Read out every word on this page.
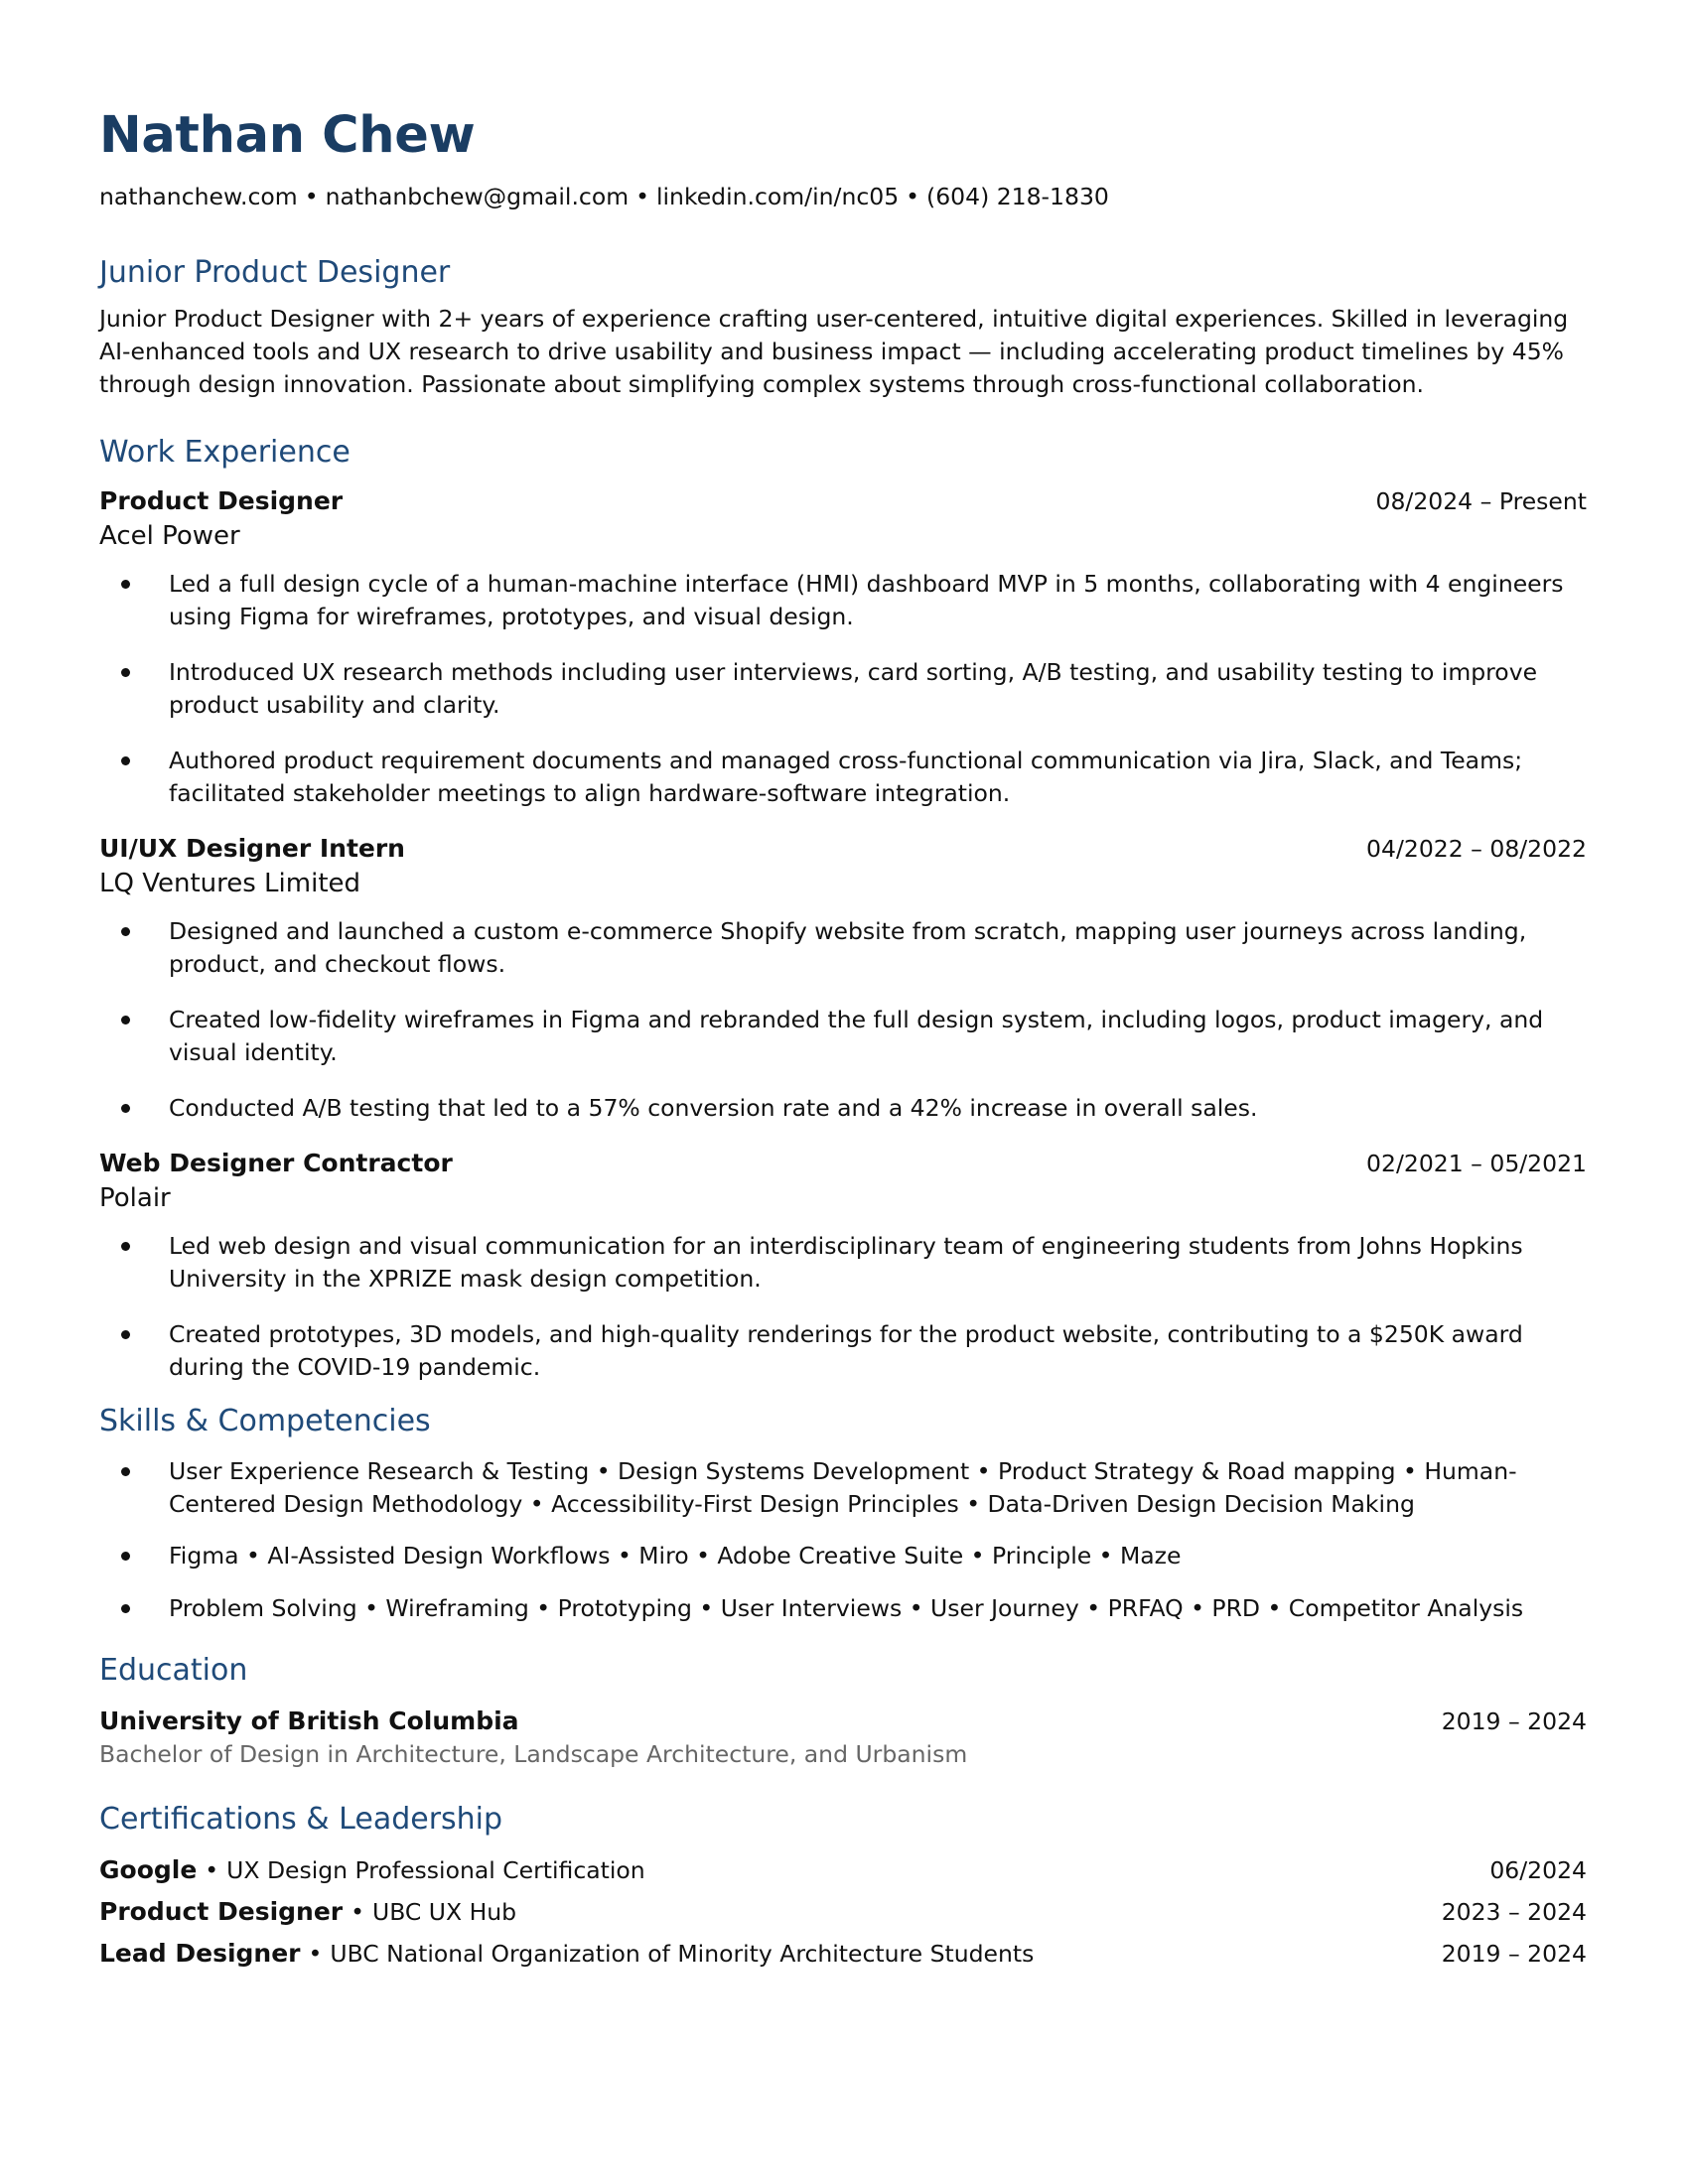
Nathan Chew
nathanchew.com • nathanbchew@gmail.com • linkedin.com/in/nc05 • (604) 218-1830
Junior Product Designer
Junior Product Designer with 2+ years of experience crafting user-centered, intuitive digital experiences. Skilled in leveraging AI-enhanced tools and UX research to drive usability and business impact — including accelerating product timelines by 45% through design innovation. Passionate about simplifying complex systems through cross-functional collaboration.
Work Experience
Product Designer	08/2024 – Present
Acel Power
Led a full design cycle of a human-machine interface (HMI) dashboard MVP in 5 months, collaborating with 4 engineers using Figma for wireframes, prototypes, and visual design.
Introduced UX research methods including user interviews, card sorting, A/B testing, and usability testing to improve product usability and clarity.
Authored product requirement documents and managed cross-functional communication via Jira, Slack, and Teams; facilitated stakeholder meetings to align hardware-software integration.
UI/UX Designer Intern	04/2022 – 08/2022
LQ Ventures Limited
Designed and launched a custom e-commerce Shopify website from scratch, mapping user journeys across landing, product, and checkout flows.
Created low-fidelity wireframes in Figma and rebranded the full design system, including logos, product imagery, and visual identity.
Conducted A/B testing that led to a 57% conversion rate and a 42% increase in overall sales.
Web Designer Contractor	02/2021 – 05/2021
Polair
Led web design and visual communication for an interdisciplinary team of engineering students from Johns Hopkins University in the XPRIZE mask design competition.
Created prototypes, 3D models, and high-quality renderings for the product website, contributing to a $250K award during the COVID-19 pandemic.
Skills & Competencies
User Experience Research & Testing • Design Systems Development • Product Strategy & Road mapping • Human-Centered Design Methodology • Accessibility-First Design Principles • Data-Driven Design Decision Making
Figma • AI-Assisted Design Workflows • Miro • Adobe Creative Suite • Principle • Maze
Problem Solving • Wireframing • Prototyping • User Interviews • User Journey • PRFAQ • PRD • Competitor Analysis
Education
University of British Columbia	2019 – 2024
Bachelor of Design in Architecture, Landscape Architecture, and Urbanism
Certifications & Leadership
Google • UX Design Professional Certification	06/2024
Product Designer • UBC UX Hub	2023 – 2024
Lead Designer • UBC National Organization of Minority Architecture Students	2019 – 2024
